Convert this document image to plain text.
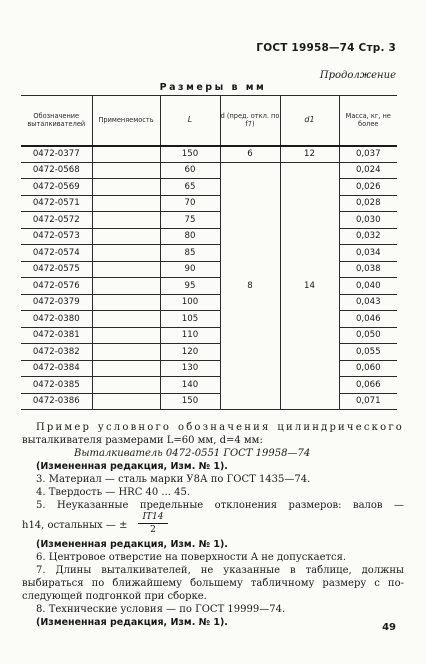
ГОСТ 19958—74 Стр. 3
Продолжение
Размеры в мм
Обозначение выталкивателей	Применяемость	L	d (пред. откл. по f7)	d1	Масса, кг, не более
0472-0377		150	6	12	0,037
0472-0568		60	8	14	0,024
0472-0569		65			0,026
0472-0571		70			0,028
0472-0572		75			0,030
0472-0573		80			0,032
0472-0574		85			0,034
0472-0575		90			0,038
0472-0576		95			0,040
0472-0379		100			0,043
0472-0380		105			0,046
0472-0381		110			0,050
0472-0382		120			0,055
0472-0384		130			0,060
0472-0385		140			0,066
0472-0386		150			0,071
Пример условного обозначения цилиндрического
выталкивателя размерами L=60 мм, d=4 мм:
Выталкиватель 0472-0551 ГОСТ 19958—74
(Измененная редакция, Изм. № 1).
3. Материал — сталь марки У8А по ГОСТ 1435—74.
4. Твердость — HRC 40 ... 45.
5. Неуказанные предельные отклонения размеров: валов —
h14, остальных — ±
IT14
2
(Измененная редакция, Изм. № 1).
6. Центровое отверстие на поверхности A не допускается.
7. Длины выталкивателей, не указанные в таблице, должны
выбираться по ближайшему большему табличному размеру с по-
следующей подгонкой при сборке.
8. Технические условия — по ГОСТ 19999—74.
(Измененная редакция, Изм. № 1).	49
